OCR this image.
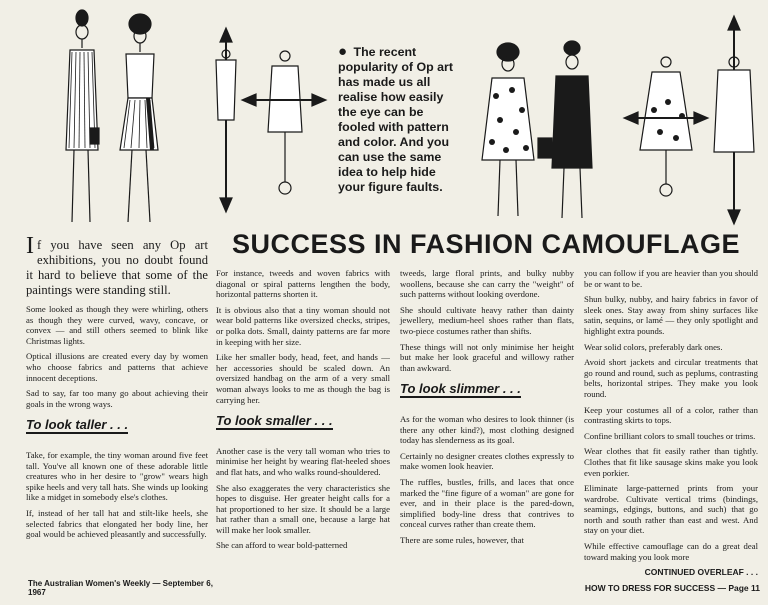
● The recent popularity of Op art has made us all realise how easily the eye can be fooled with pattern and color. And you can use the same idea to help hide your figure faults.
SUCCESS IN FASHION CAMOUFLAGE

If you have seen any Op art exhibitions, you no doubt found it hard to believe that some of the paintings were standing still.

Some looked as though they were whirling, others as though they were curved, wavy, concave, or convex — and still others seemed to blink like Christmas lights.

Optical illusions are created every day by women who choose fabrics and patterns that achieve innocent deceptions.

Sad to say, far too many go about achieving their goals in the wrong ways.

To look taller . . .

Take, for example, the tiny woman around five feet tall. You've all known one of these adorable little creatures who in her desire to "grow" wears high spike heels and very tall hats. She winds up looking like a midget in somebody else's clothes.

If, instead of her tall hat and stilt-like heels, she selected fabrics that elongated her body line, her goal would be achieved pleasantly and successfully.

For instance, tweeds and woven fabrics with diagonal or spiral patterns lengthen the body, horizontal patterns shorten it.

It is obvious also that a tiny woman should not wear bold patterns like oversized checks, stripes, or polka dots. Small, dainty patterns are far more in keeping with her size.

Like her smaller body, head, feet, and hands — her accessories should be scaled down. An oversized handbag on the arm of a very small woman always looks to me as though the bag is carrying her.

To look smaller . . .

Another case is the very tall woman who tries to minimise her height by wearing flat-heeled shoes and flat hats, and who walks round-shouldered.

She also exaggerates the very characteristics she hopes to disguise. Her greater height calls for a hat proportioned to her size. It should be a large hat rather than a small one, because a large hat will make her look smaller.

She can afford to wear bold-patterned

tweeds, large floral prints, and bulky nubby woollens, because she can carry the "weight" of such patterns without looking overdone.

She should cultivate heavy rather than dainty jewellery, medium-heel shoes rather than flats, two-piece costumes rather than shifts.

These things will not only minimise her height but make her look graceful and willowy rather than awkward.

To look slimmer . . .

As for the woman who desires to look thinner (is there any other kind?), most clothing designed today has slenderness as its goal.

Certainly no designer creates clothes expressly to make women look heavier.

The ruffles, bustles, frills, and laces that once marked the "fine figure of a woman" are gone for ever, and in their place is the pared-down, simplified body-line dress that contrives to conceal curves rather than create them.

There are some rules, however, that

you can follow if you are heavier than you should be or want to be.

Shun bulky, nubby, and hairy fabrics in favor of sleek ones. Stay away from shiny surfaces like satin, sequins, or lamé — they only spotlight and highlight extra pounds.

Wear solid colors, preferably dark ones.

Avoid short jackets and circular treatments that go round and round, such as peplums, contrasting belts, horizontal stripes. They make you look round.

Keep your costumes all of a color, rather than contrasting skirts to tops.

Confine brilliant colors to small touches or trims.

Wear clothes that fit easily rather than tightly. Clothes that fit like sausage skins make you look even porkier.

Eliminate large-patterned prints from your wardrobe. Cultivate vertical trims (bindings, seamings, edgings, buttons, and such) that go north and south rather than east and west. And stay on your diet.

While effective camouflage can do a great deal toward making you look more

The Australian Women's Weekly — September 6, 1967
CONTINUED OVERLEAF . . .
HOW TO DRESS FOR SUCCESS — Page 11
